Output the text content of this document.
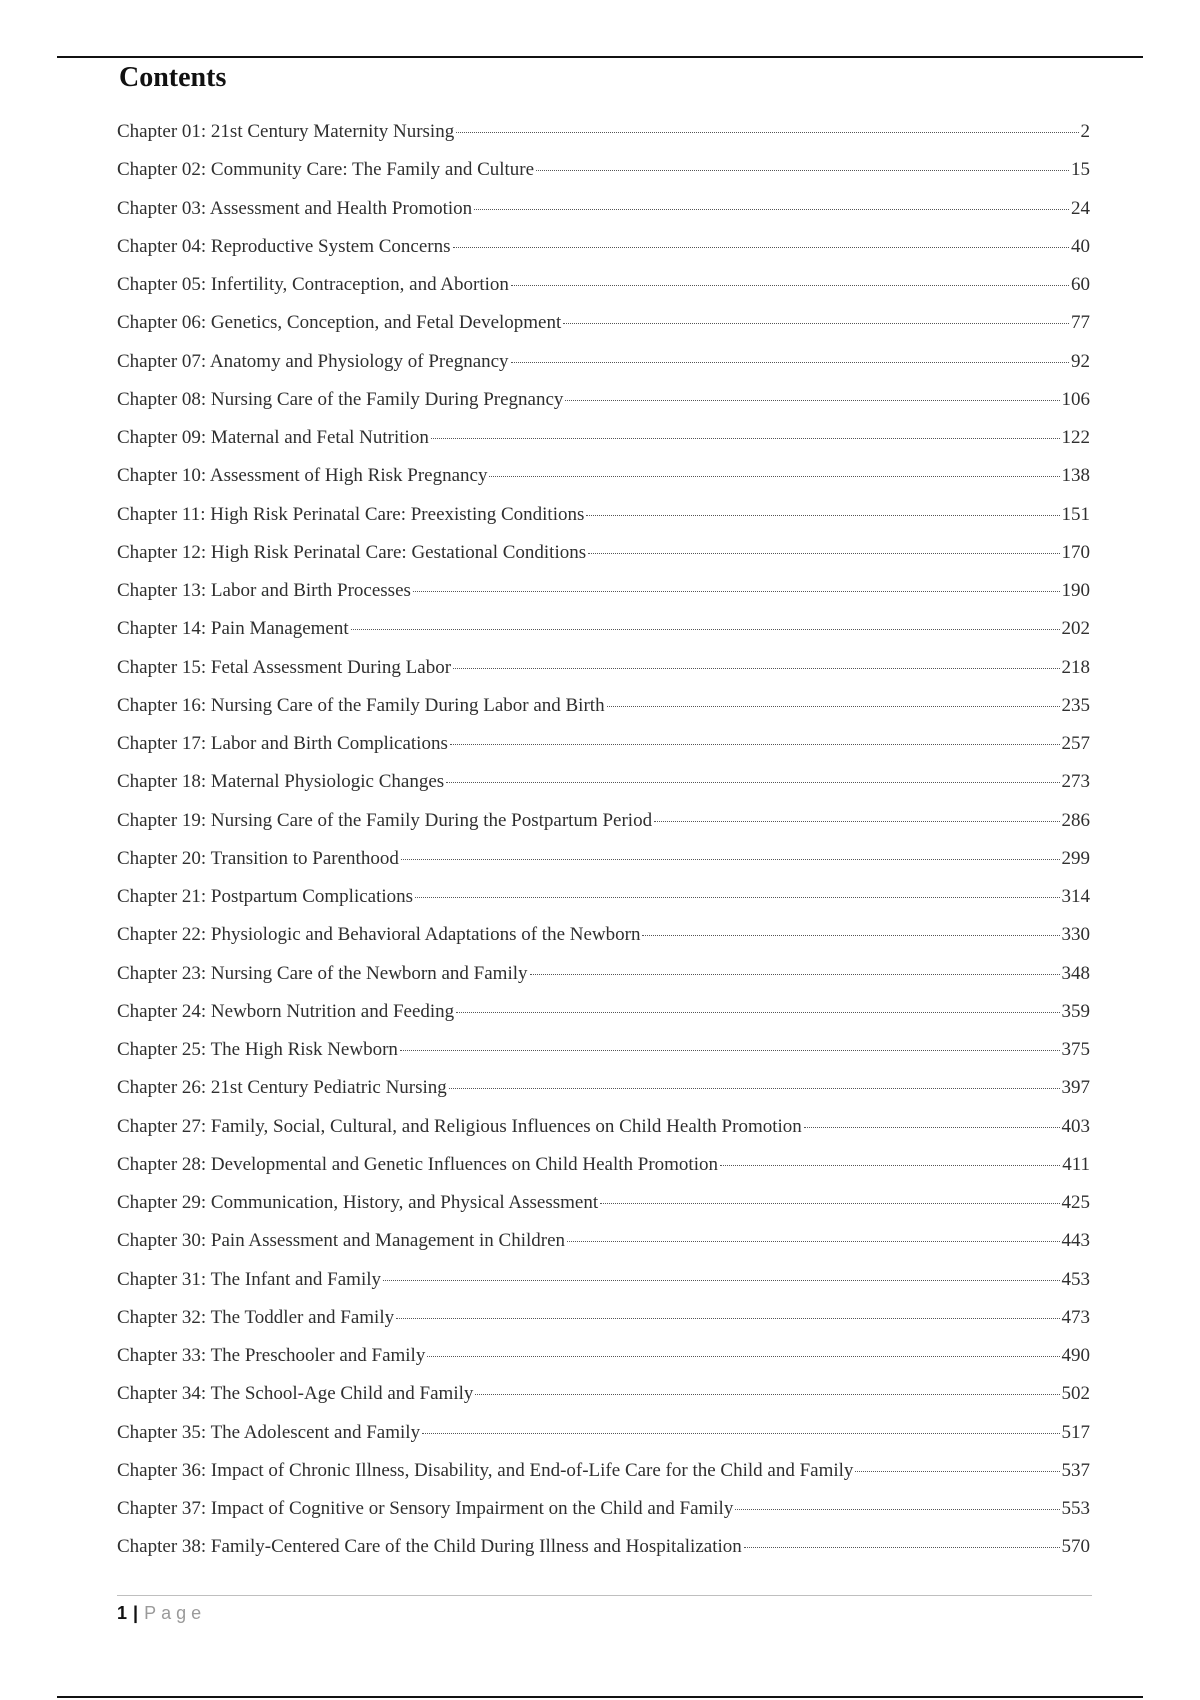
Contents
Chapter 01: 21st Century Maternity Nursing	2
Chapter 02: Community Care: The Family and Culture	15
Chapter 03: Assessment and Health Promotion	24
Chapter 04: Reproductive System Concerns	40
Chapter 05: Infertility, Contraception, and Abortion	60
Chapter 06: Genetics, Conception, and Fetal Development	77
Chapter 07: Anatomy and Physiology of Pregnancy	92
Chapter 08: Nursing Care of the Family During Pregnancy	106
Chapter 09: Maternal and Fetal Nutrition	122
Chapter 10: Assessment of High Risk Pregnancy	138
Chapter 11: High Risk Perinatal Care: Preexisting Conditions	151
Chapter 12: High Risk Perinatal Care: Gestational Conditions	170
Chapter 13: Labor and Birth Processes	190
Chapter 14: Pain Management	202
Chapter 15: Fetal Assessment During Labor	218
Chapter 16: Nursing Care of the Family During Labor and Birth	235
Chapter 17: Labor and Birth Complications	257
Chapter 18: Maternal Physiologic Changes	273
Chapter 19: Nursing Care of the Family During the Postpartum Period	286
Chapter 20: Transition to Parenthood	299
Chapter 21: Postpartum Complications	314
Chapter 22: Physiologic and Behavioral Adaptations of the Newborn	330
Chapter 23: Nursing Care of the Newborn and Family	348
Chapter 24: Newborn Nutrition and Feeding	359
Chapter 25: The High Risk Newborn	375
Chapter 26: 21st Century Pediatric Nursing	397
Chapter 27: Family, Social, Cultural, and Religious Influences on Child Health Promotion	403
Chapter 28: Developmental and Genetic Influences on Child Health Promotion	411
Chapter 29: Communication, History, and Physical Assessment	425
Chapter 30: Pain Assessment and Management in Children	443
Chapter 31: The Infant and Family	453
Chapter 32: The Toddler and Family	473
Chapter 33: The Preschooler and Family	490
Chapter 34: The School-Age Child and Family	502
Chapter 35: The Adolescent and Family	517
Chapter 36: Impact of Chronic Illness, Disability, and End-of-Life Care for the Child and Family	537
Chapter 37: Impact of Cognitive or Sensory Impairment on the Child and Family	553
Chapter 38: Family-Centered Care of the Child During Illness and Hospitalization	570
1 | Page
